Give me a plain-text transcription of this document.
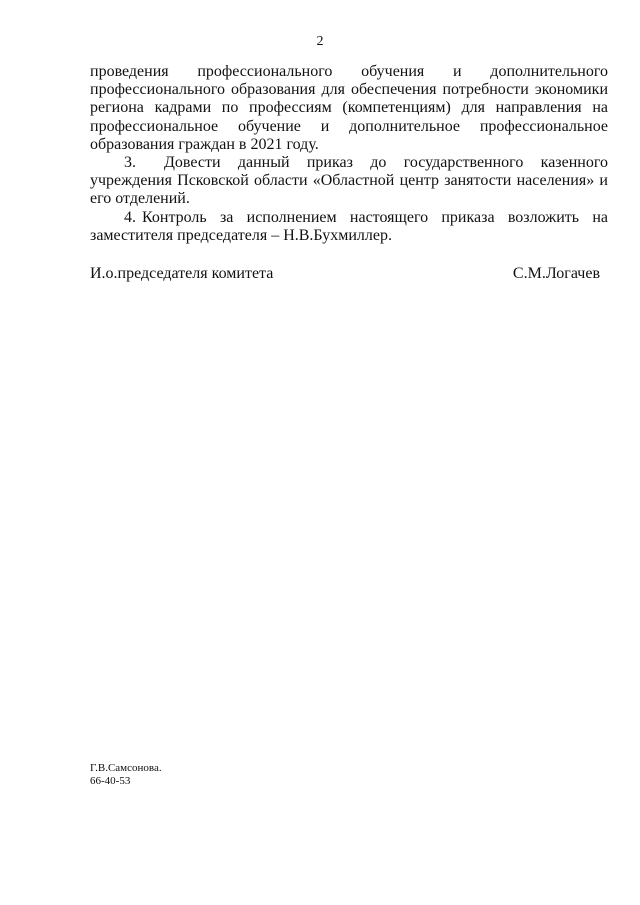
2

проведения профессионального обучения и дополнительного профессионального образования для обеспечения потребности экономики региона кадрами по профессиям (компетенциям) для направления на профессиональное обучение и дополнительное профессиональное образования граждан в 2021 году.

3. Довести данный приказ до государственного казенного учреждения Псковской области «Областной центр занятости населения» и его отделений.

4. Контроль за исполнением настоящего приказа возложить на заместителя председателя – Н.В.Бухмиллер.

И.о.председателя комитета	С.М.Логачев
Г.В.Самсонова.
66-40-53
